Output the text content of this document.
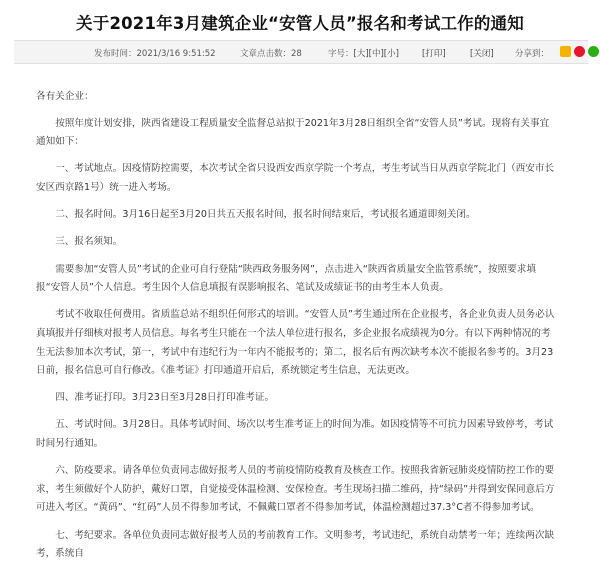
关于2021年3月建筑企业“安管人员”报名和考试工作的通知
发布时间：2021/3/16 9:51:52	文章点击数：28	字号：[大][中][小]	[打印]	[关闭]	分享到：

各有关企业：

按照年度计划安排，陕西省建设工程质量安全监督总站拟于2021年3月28日组织全省“安管人员”考试。现将有关事宜通知如下：

一、考试地点。因疫情防控需要，本次考试全省只设西安西京学院一个考点，考生考试当日从西京学院北门（西安市长安区西京路1号）统一进入考场。

二、报名时间。3月16日起至3月20日共五天报名时间，报名时间结束后，考试报名通道即刻关闭。

三、报名须知。

需要参加“安管人员”考试的企业可自行登陆“陕西政务服务网”，点击进入“陕西省质量安全监管系统”，按照要求填报“安管人员”个人信息。考生因个人信息填报有误影响报名、笔试及成绩证书的由考生本人负责。

考试不收取任何费用。省质监总站不组织任何形式的培训。“安管人员”考生通过所在企业报考，各企业负责人员务必认真填报并仔细核对报考人员信息。每名考生只能在一个法人单位进行报名，多企业报名成绩视为0分。有以下两种情况的考生无法参加本次考试，第一，考试中有违纪行为一年内不能报考的；第二，报名后有两次缺考本次不能报名参考的。3月23日前，报名信息可自行修改。《准考证》打印通道开启后，系统锁定考生信息，无法更改。

四、准考证打印。3月23日至3月28日打印准考证。

五、考试时间。3月28日。具体考试时间、场次以考生准考证上的时间为准。如因疫情等不可抗力因素导致停考，考试时间另行通知。

六、防疫要求。请各单位负责同志做好报考人员的考前疫情防疫教育及核查工作。按照我省新冠肺炎疫情防控工作的要求，考生须做好个人防护，戴好口罩，自觉接受体温检测、安保检查。考生现场扫描二维码，持“绿码”并得到安保同意后方可进入考区。“黄码”、“红码”人员不得参加考试，不佩戴口罩者不得参加考试，体温检测超过37.3°C者不得参加考试。

七、考纪要求。各单位负责同志做好报考人员的考前教育工作。文明参考，考试违纪，系统自动禁考一年；连续两次缺考，系统自
